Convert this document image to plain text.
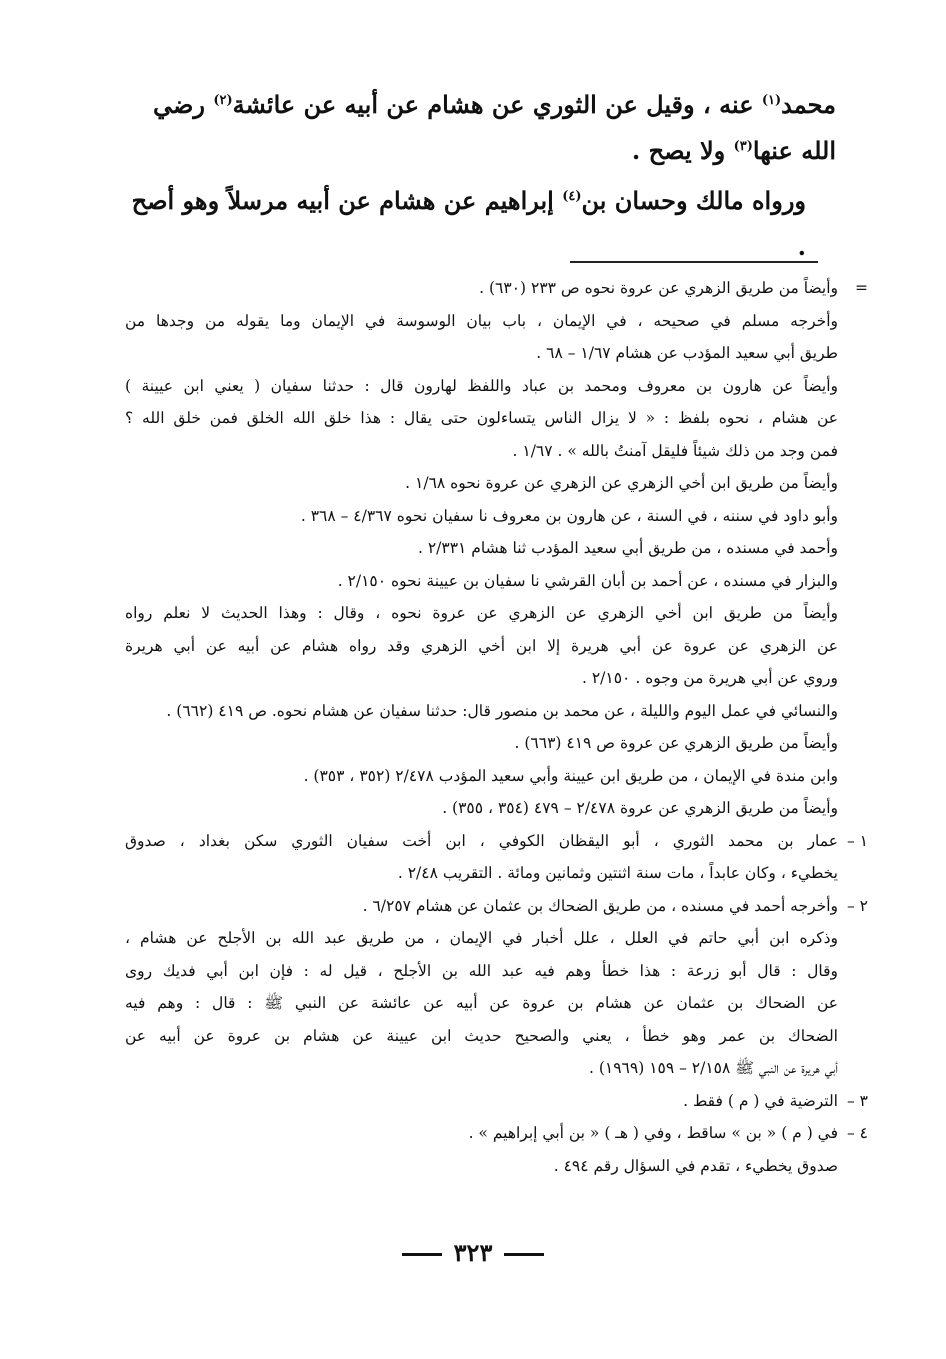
محمد$^{(١)}$ عنه ، وقيل عن الثوري عن هشام عن أبيه عن عائشة$^{(٢)}$ رضي الله عنها$^{(٣)}$ ولا يصح .

ورواه مالك وحسان بن$^{(٤)}$ إبراهيم عن هشام عن أبيه مرسلاً وهو أصح .

=

وأيضاً من طريق الزهري عن عروة نحوه ص ٢٣٣ (٦٣٠) .

وأخرجه مسلم في صحيحه ، في الإيمان ، باب بيان الوسوسة في الإيمان وما يقوله من وجدها من

طريق أبي سعيد المؤدب عن هشام ١/٦٧ – ٦٨ .

وأيضاً عن هارون بن معروف ومحمد بن عباد واللفظ لهارون قال : حدثنا سفيان ( يعني ابن عيينة )

عن هشام ، نحوه بلفظ : « لا يزال الناس يتساءلون حتى يقال : هذا خلق الله الخلق فمن خلق الله ؟

فمن وجد من ذلك شيئاً فليقل آمنتُ بالله » . ١/٦٧ .

وأيضاً من طريق ابن أخي الزهري عن الزهري عن عروة نحوه ١/٦٨ .

وأبو داود في سننه ، في السنة ، عن هارون بن معروف نا سفيان نحوه ٤/٣٦٧ – ٣٦٨ .

وأحمد في مسنده ، من طريق أبي سعيد المؤدب ثنا هشام ٢/٣٣١ .

والبزار في مسنده ، عن أحمد بن أبان القرشي نا سفيان بن عيينة نحوه ٢/١٥٠ .

وأيضاً من طريق ابن أخي الزهري عن الزهري عن عروة نحوه ، وقال : وهذا الحديث لا نعلم رواه

عن الزهري عن عروة عن أبي هريرة إلا ابن أخي الزهري وقد رواه هشام عن أبيه عن أبي هريرة

وروي عن أبي هريرة من وجوه . ٢/١٥٠ .

والنسائي في عمل اليوم والليلة ، عن محمد بن منصور قال: حدثنا سفيان عن هشام نحوه. ص ٤١٩ (٦٦٢) .

وأيضاً من طريق الزهري عن عروة ص ٤١٩ (٦٦٣) .

وابن مندة في الإيمان ، من طريق ابن عيينة وأبي سعيد المؤدب ٢/٤٧٨ (٣٥٢ ، ٣٥٣) .

وأيضاً من طريق الزهري عن عروة ٢/٤٧٨ – ٤٧٩ (٣٥٤ ، ٣٥٥) .

١ –

عمار بن محمد الثوري ، أبو اليقظان الكوفي ، ابن أخت سفيان الثوري سكن بغداد ، صدوق

يخطيء ، وكان عابداً ، مات سنة اثنتين وثمانين ومائة . التقريب ٢/٤٨ .

٢ –

وأخرجه أحمد في مسنده ، من طريق الضحاك بن عثمان عن هشام ٦/٢٥٧ .

وذكره ابن أبي حاتم في العلل ، علل أخبار في الإيمان ، من طريق عبد الله بن الأجلح عن هشام ،

وقال : قال أبو زرعة : هذا خطأ وهم فيه عبد الله بن الأجلح ، قيل له : فإن ابن أبي فديك روى

عن الضحاك بن عثمان عن هشام بن عروة عن أبيه عن عائشة عن النبي ﷺ : قال : وهم فيه

الضحاك بن عمر وهو خطأ ، يعني والصحيح حديث ابن عيينة عن هشام بن عروة عن أبيه عن

أبي هريرة عن النبي ﷺ ٢/١٥٨ – ١٥٩ (١٩٦٩) .

٣ –

الترضية في ( م ) فقط .

٤ –

في ( م ) « بن » ساقط ، وفي ( هـ ) « بن أبي إبراهيم » .

صدوق يخطيء ، تقدم في السؤال رقم ٤٩٤ .

٣٢٣
